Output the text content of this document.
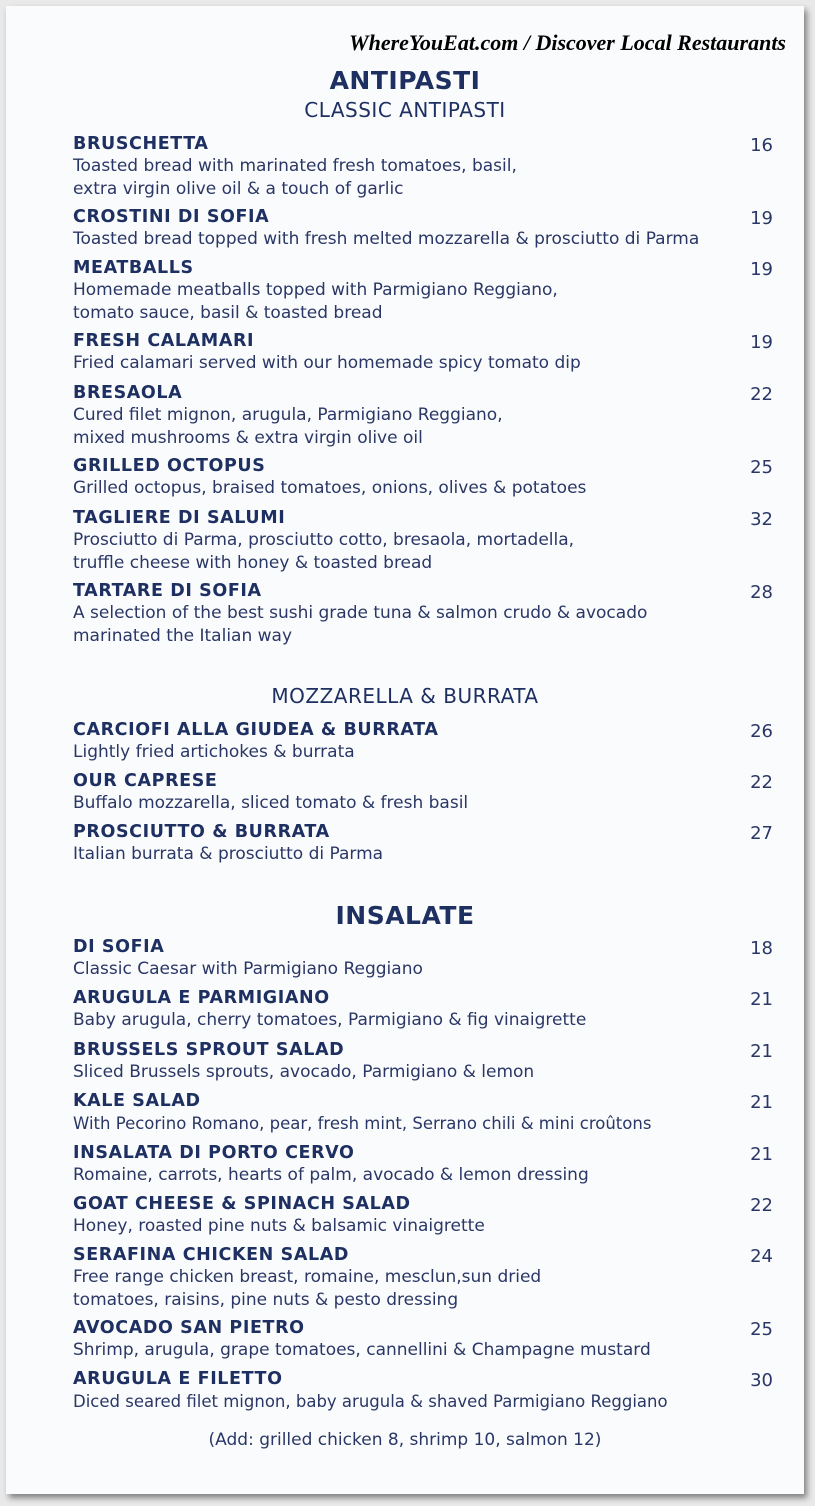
WhereYouEat.com / Discover Local Restaurants
ANTIPASTI
CLASSIC ANTIPASTI
BRUSCHETTA
Toasted bread with marinated fresh tomatoes, basil,
extra virgin olive oil & a touch of garlic
16
CROSTINI DI SOFIA
Toasted bread topped with fresh melted mozzarella & prosciutto di Parma
19
MEATBALLS
Homemade meatballs topped with Parmigiano Reggiano,
tomato sauce, basil & toasted bread
19
FRESH CALAMARI
Fried calamari served with our homemade spicy tomato dip
19
BRESAOLA
Cured filet mignon, arugula, Parmigiano Reggiano,
mixed mushrooms & extra virgin olive oil
22
GRILLED OCTOPUS
Grilled octopus, braised tomatoes, onions, olives & potatoes
25
TAGLIERE DI SALUMI
Prosciutto di Parma, prosciutto cotto, bresaola, mortadella,
truffle cheese with honey & toasted bread
32
TARTARE DI SOFIA
A selection of the best sushi grade tuna & salmon crudo & avocado
marinated the Italian way
28
MOZZARELLA & BURRATA
CARCIOFI ALLA GIUDEA & BURRATA
Lightly fried artichokes & burrata
26
OUR CAPRESE
Buffalo mozzarella, sliced tomato & fresh basil
22
PROSCIUTTO & BURRATA
Italian burrata & prosciutto di Parma
27
INSALATE
DI SOFIA
Classic Caesar with Parmigiano Reggiano
18
ARUGULA E PARMIGIANO
Baby arugula, cherry tomatoes, Parmigiano & fig vinaigrette
21
BRUSSELS SPROUT SALAD
Sliced Brussels sprouts, avocado, Parmigiano & lemon
21
KALE SALAD
With Pecorino Romano, pear, fresh mint, Serrano chili & mini croûtons
21
INSALATA DI PORTO CERVO
Romaine, carrots, hearts of palm, avocado & lemon dressing
21
GOAT CHEESE & SPINACH SALAD
Honey, roasted pine nuts & balsamic vinaigrette
22
SERAFINA CHICKEN SALAD
Free range chicken breast, romaine, mesclun,sun dried
tomatoes, raisins, pine nuts & pesto dressing
24
AVOCADO SAN PIETRO
Shrimp, arugula, grape tomatoes, cannellini & Champagne mustard
25
ARUGULA E FILETTO
Diced seared filet mignon, baby arugula & shaved Parmigiano Reggiano
30
(Add: grilled chicken 8, shrimp 10, salmon 12)
